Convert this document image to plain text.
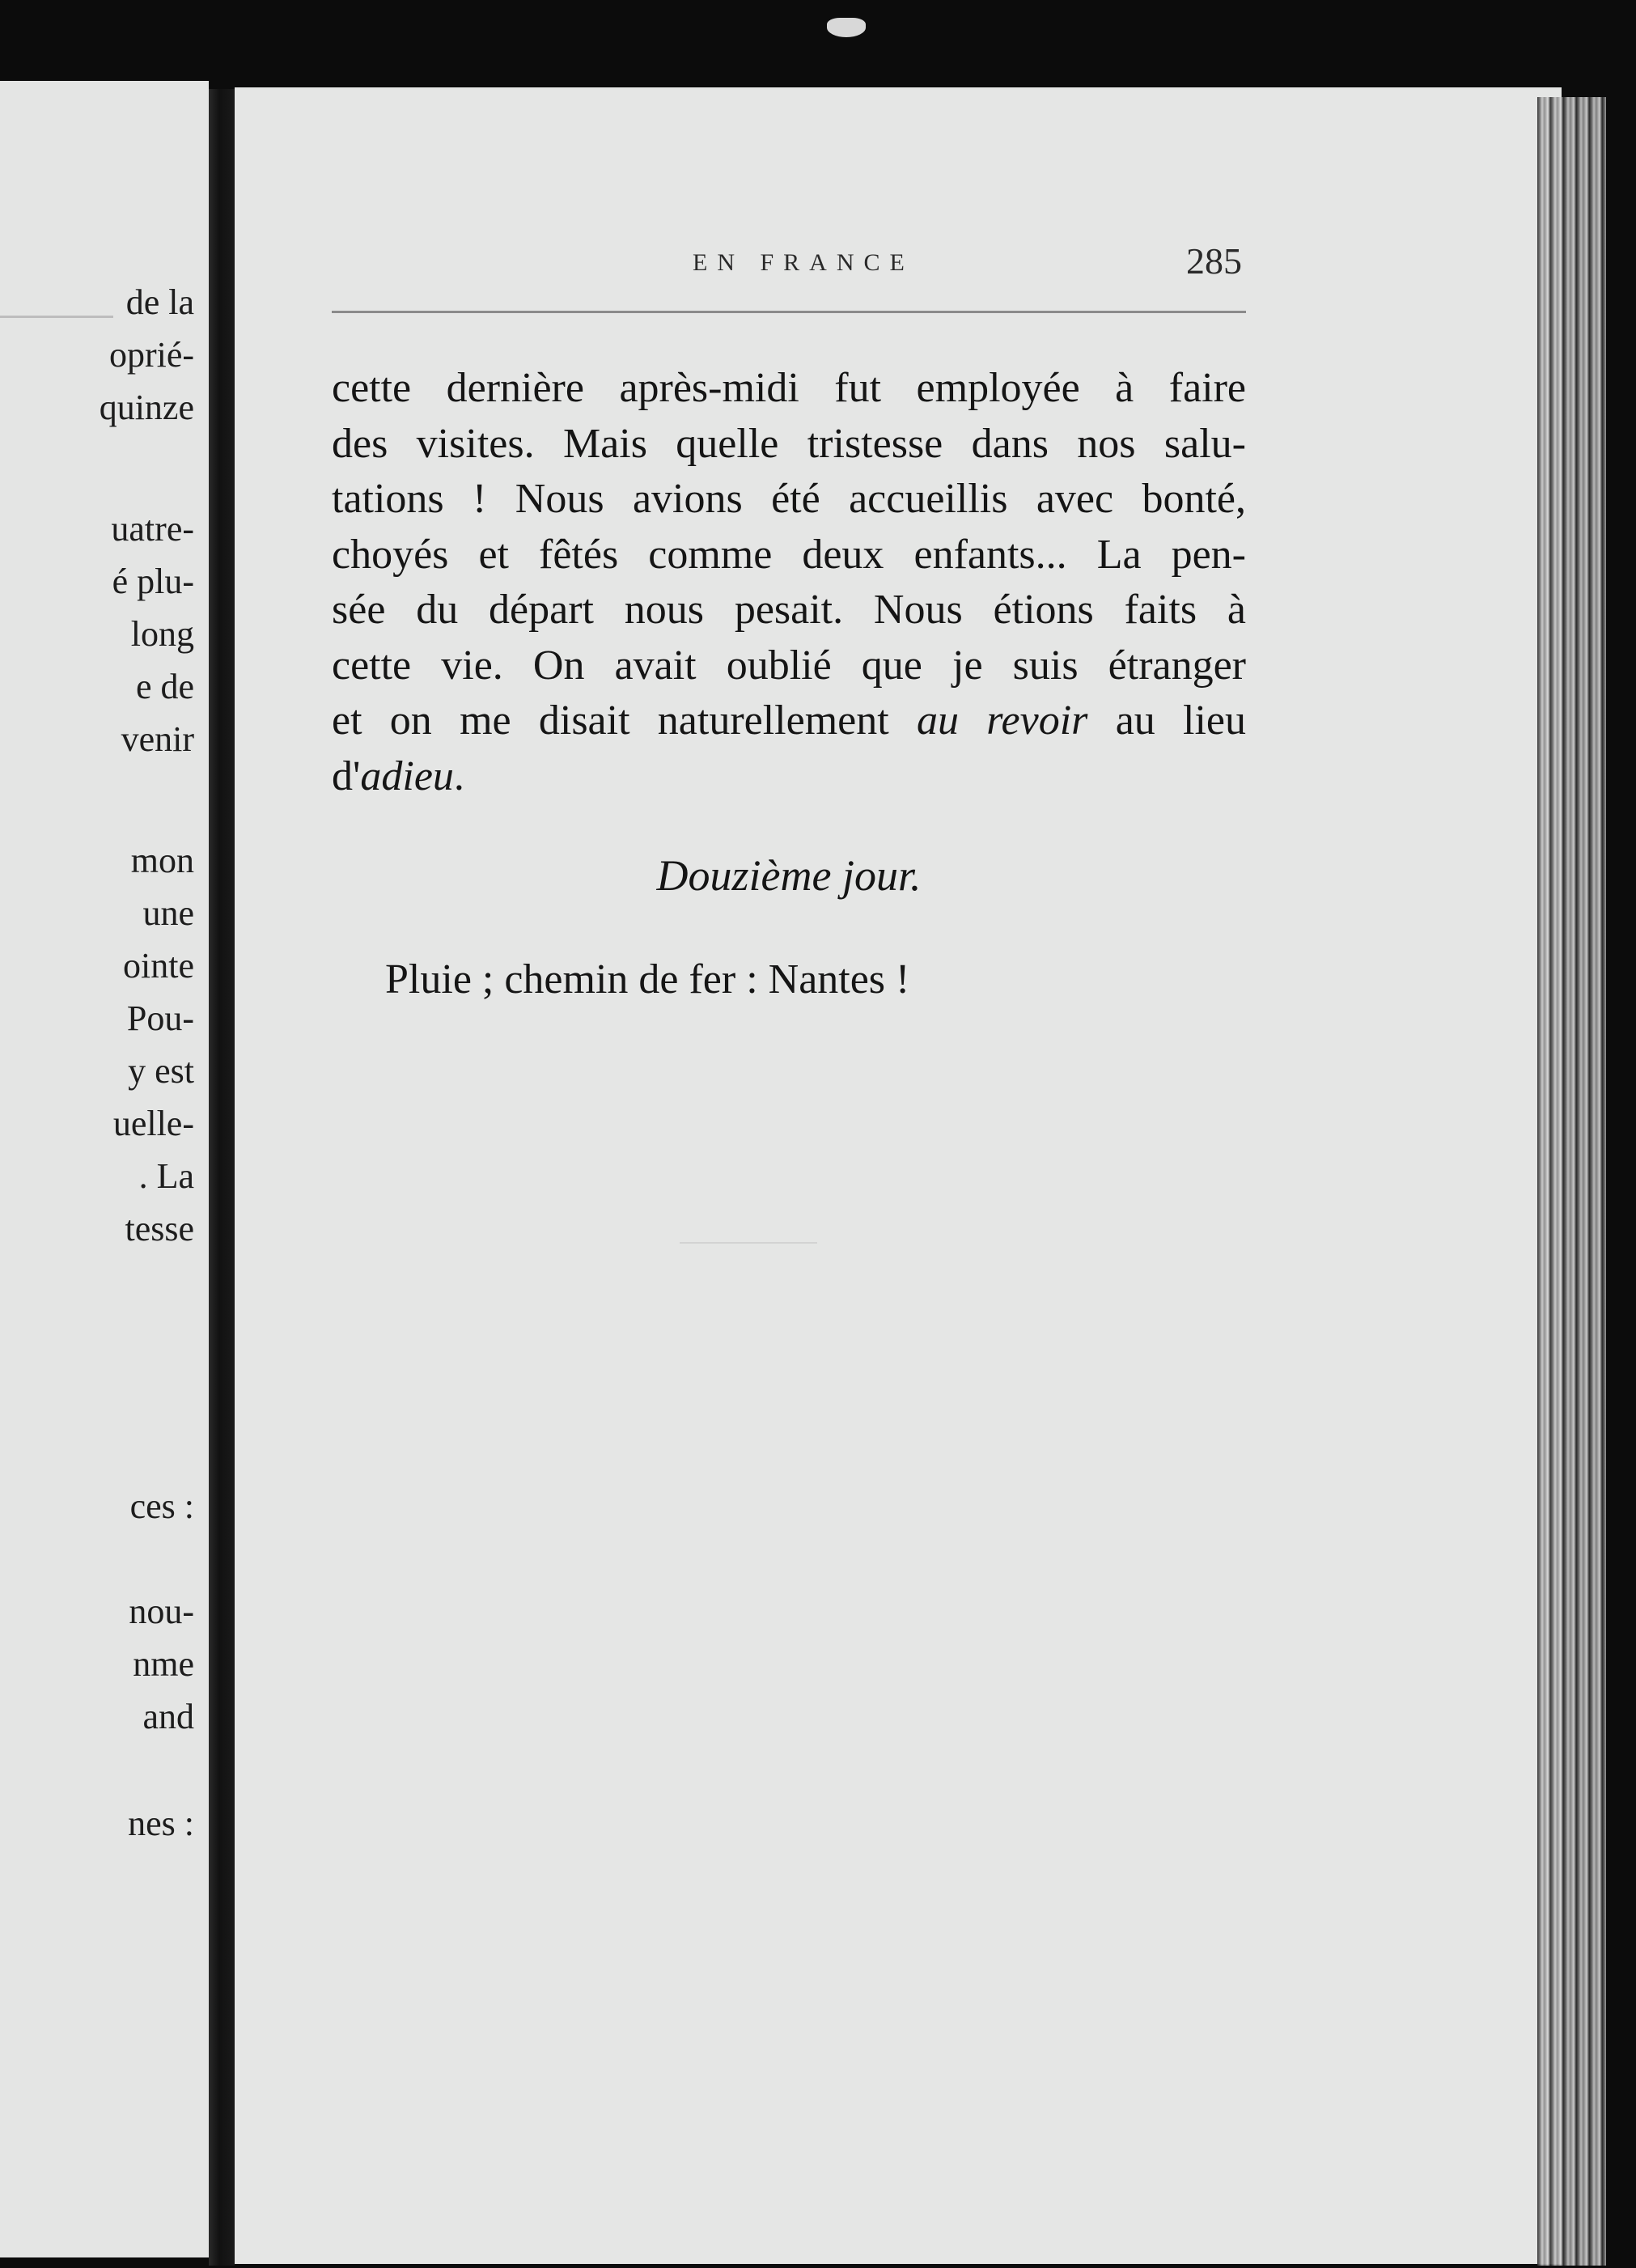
de la
oprié-
quinze
uatre-
é plu-
long
e de
venir
mon
une
ointe
Pou-
y est
uelle-
. La
tesse
ces :
nou-
nme
and
nes :
EN FRANCE	285
cette dernière après-midi fut employée à faire
des visites. Mais quelle tristesse dans nos salu-
tations ! Nous avions été accueillis avec bonté,
choyés et fêtés comme deux enfants... La pen-
sée du départ nous pesait. Nous étions faits à
cette vie. On avait oublié que je suis étranger
et on me disait naturellement au revoir au lieu
d'adieu.
Douzième jour.
Pluie ; chemin de fer : Nantes !
